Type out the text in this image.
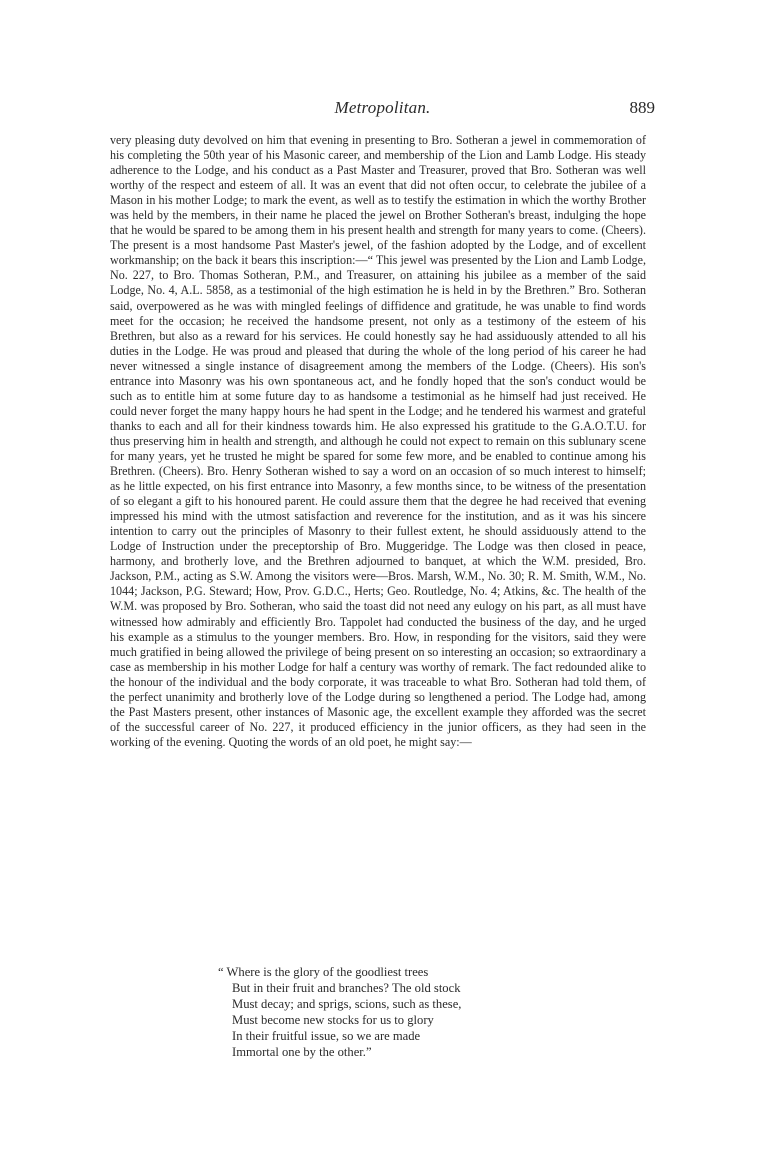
Metropolitan.	889

very pleasing duty devolved on him that evening in presenting to Bro. Sotheran a jewel in commemoration of his completing the 50th year of his Masonic career, and membership of the Lion and Lamb Lodge. His steady adherence to the Lodge, and his conduct as a Past Master and Treasurer, proved that Bro. Sotheran was well worthy of the respect and esteem of all. It was an event that did not often occur, to celebrate the jubilee of a Mason in his mother Lodge; to mark the event, as well as to testify the estimation in which the worthy Brother was held by the members, in their name he placed the jewel on Brother Sotheran's breast, indulging the hope that he would be spared to be among them in his present health and strength for many years to come. (Cheers). The present is a most handsome Past Master's jewel, of the fashion adopted by the Lodge, and of excellent workmanship; on the back it bears this inscription:—“ This jewel was presented by the Lion and Lamb Lodge, No. 227, to Bro. Thomas Sotheran, P.M., and Treasurer, on attaining his jubilee as a member of the said Lodge, No. 4, A.L. 5858, as a testimonial of the high estimation he is held in by the Brethren.” Bro. Sotheran said, overpowered as he was with mingled feelings of diffidence and gratitude, he was unable to find words meet for the occasion; he received the handsome present, not only as a testimony of the esteem of his Brethren, but also as a reward for his services. He could honestly say he had assiduously attended to all his duties in the Lodge. He was proud and pleased that during the whole of the long period of his career he had never witnessed a single instance of disagreement among the members of the Lodge. (Cheers). His son's entrance into Masonry was his own spontaneous act, and he fondly hoped that the son's conduct would be such as to entitle him at some future day to as handsome a testimonial as he himself had just received. He could never forget the many happy hours he had spent in the Lodge; and he tendered his warmest and grateful thanks to each and all for their kindness towards him. He also expressed his gratitude to the G.A.O.T.U. for thus preserving him in health and strength, and although he could not expect to remain on this sublunary scene for many years, yet he trusted he might be spared for some few more, and be enabled to continue among his Brethren. (Cheers). Bro. Henry Sotheran wished to say a word on an occasion of so much interest to himself; as he little expected, on his first entrance into Masonry, a few months since, to be witness of the presentation of so elegant a gift to his honoured parent. He could assure them that the degree he had received that evening impressed his mind with the utmost satisfaction and reverence for the institution, and as it was his sincere intention to carry out the principles of Masonry to their fullest extent, he should assiduously attend to the Lodge of Instruction under the preceptorship of Bro. Muggeridge. The Lodge was then closed in peace, harmony, and brotherly love, and the Brethren adjourned to banquet, at which the W.M. presided, Bro. Jackson, P.M., acting as S.W. Among the visitors were—Bros. Marsh, W.M., No. 30; R. M. Smith, W.M., No. 1044; Jackson, P.G. Steward; How, Prov. G.D.C., Herts; Geo. Routledge, No. 4; Atkins, &c. The health of the W.M. was proposed by Bro. Sotheran, who said the toast did not need any eulogy on his part, as all must have witnessed how admirably and efficiently Bro. Tappolet had conducted the business of the day, and he urged his example as a stimulus to the younger members. Bro. How, in responding for the visitors, said they were much gratified in being allowed the privilege of being present on so interesting an occasion; so extraordinary a case as membership in his mother Lodge for half a century was worthy of remark. The fact redounded alike to the honour of the individual and the body corporate, it was traceable to what Bro. Sotheran had told them, of the perfect unanimity and brotherly love of the Lodge during so lengthened a period. The Lodge had, among the Past Masters present, other instances of Masonic age, the excellent example they afforded was the secret of the successful career of No. 227, it produced efficiency in the junior officers, as they had seen in the working of the evening. Quoting the words of an old poet, he might say:—

“ Where is the glory of the goodliest trees
But in their fruit and branches? The old stock
Must decay; and sprigs, scions, such as these,
Must become new stocks for us to glory
In their fruitful issue, so we are made
Immortal one by the other.”
